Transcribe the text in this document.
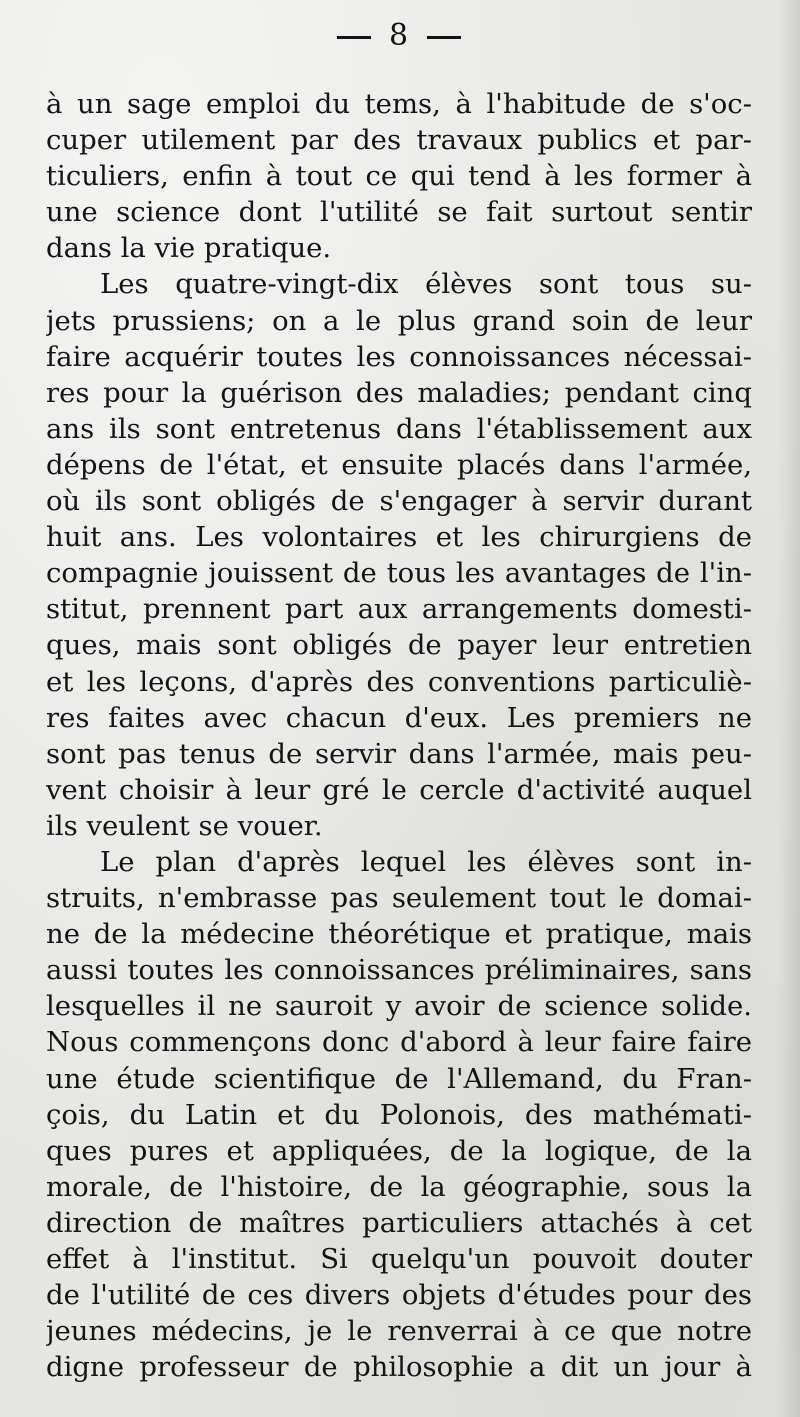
8
à un sage emploi du tems, à l'habitude de s'oc-
cuper utilement par des travaux publics et par-
ticuliers, enfin à tout ce qui tend à les former à
une science dont l'utilité se fait surtout sentir
dans la vie pratique.
Les quatre-vingt-dix élèves sont tous su-
jets prussiens; on a le plus grand soin de leur
faire acquérir toutes les connoissances nécessai-
res pour la guérison des maladies; pendant cinq
ans ils sont entretenus dans l'établissement aux
dépens de l'état, et ensuite placés dans l'armée,
où ils sont obligés de s'engager à servir durant
huit ans. Les volontaires et les chirurgiens de
compagnie jouissent de tous les avantages de l'in-
stitut, prennent part aux arrangements domesti-
ques, mais sont obligés de payer leur entretien
et les leçons, d'après des conventions particuliè-
res faites avec chacun d'eux. Les premiers ne
sont pas tenus de servir dans l'armée, mais peu-
vent choisir à leur gré le cercle d'activité auquel
ils veulent se vouer.
Le plan d'après lequel les élèves sont in-
struits, n'embrasse pas seulement tout le domai-
ne de la médecine théorétique et pratique, mais
aussi toutes les connoissances préliminaires, sans
lesquelles il ne sauroit y avoir de science solide.
Nous commençons donc d'abord à leur faire faire
une étude scientifique de l'Allemand, du Fran-
çois, du Latin et du Polonois, des mathémati-
ques pures et appliquées, de la logique, de la
morale, de l'histoire, de la géographie, sous la
direction de maîtres particuliers attachés à cet
effet à l'institut. Si quelqu'un pouvoit douter
de l'utilité de ces divers objets d'études pour des
jeunes médecins, je le renverrai à ce que notre
digne professeur de philosophie a dit un jour à
